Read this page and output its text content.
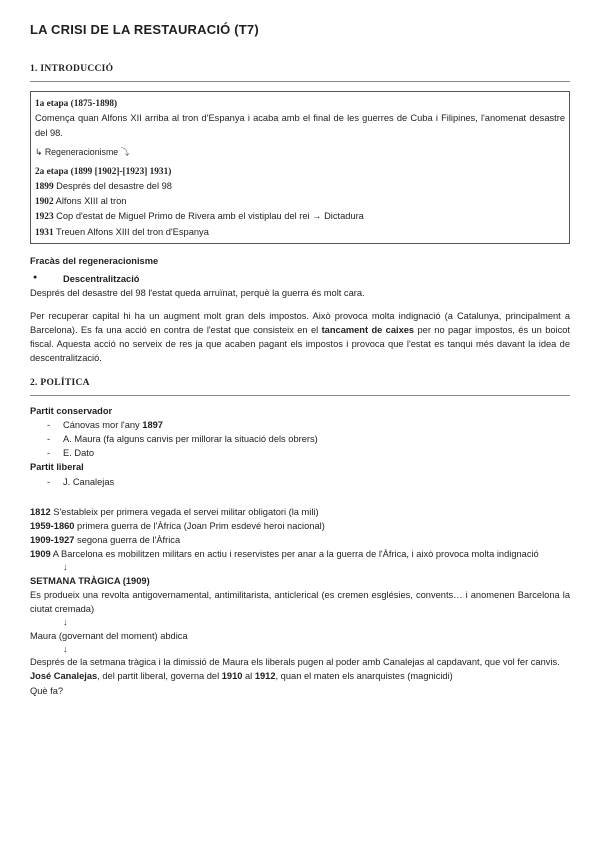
LA CRISI DE LA RESTAURACIÓ (T7)
1. INTRODUCCIÓ

1a etapa (1875-1898)

Comença quan Alfons XII arriba al tron d'Espanya i acaba amb el final de les guerres de Cuba i Filipines, l'anomenat desastre del 98.

↳ Regeneracionisme ⤵

2a etapa (1899 [1902]-[1923] 1931)

1899 Després del desastre del 98

1902 Alfons XIII al tron

1923 Cop d'estat de Miguel Primo de Rivera amb el vistiplau del rei → Dictadura

1931 Treuen Alfons XIII del tron d'Espanya

Fracàs del regeneracionisme

● Descentralització

Després del desastre del 98 l'estat queda arruïnat, perquè la guerra és molt cara.

Per recuperar capital hi ha un augment molt gran dels impostos. Això provoca molta indignació (a Catalunya, principalment a Barcelona). Es fa una acció en contra de l'estat que consisteix en el tancament de caixes per no pagar impostos, és un boicot fiscal. Aquesta acció no serveix de res ja que acaben pagant els impostos i provoca que l'estat es tanqui més davant la idea de descentralització.

2. POLÍTICA

Partit conservador

- Cánovas mor l'any 1897
- A. Maura (fa alguns canvis per millorar la situació dels obrers)
- E. Dato

Partit liberal

- J. Canalejas

1812 S'estableix per primera vegada el servei militar obligatori (la mili)

1959-1860 primera guerra de l'Àfrica (Joan Prim esdevé heroi nacional)

1909-1927 segona guerra de l'Àfrica

1909 A Barcelona es mobilitzen militars en actiu i reservistes per anar a la guerra de l'Àfrica, i això provoca molta indignació

↓

SETMANA TRÀGICA (1909)

Es produeix una revolta antigovernamental, antimilitarista, anticlerical (es cremen esglésies, convents… i anomenen Barcelona la ciutat cremada)

↓

Maura (governant del moment) abdica

↓

Després de la setmana tràgica i la dimissió de Maura els liberals pugen al poder amb Canalejas al capdavant, que vol fer canvis.

José Canalejas, del partit liberal, governa del 1910 al 1912, quan el maten els anarquistes (magnicidi)

Què fa?
